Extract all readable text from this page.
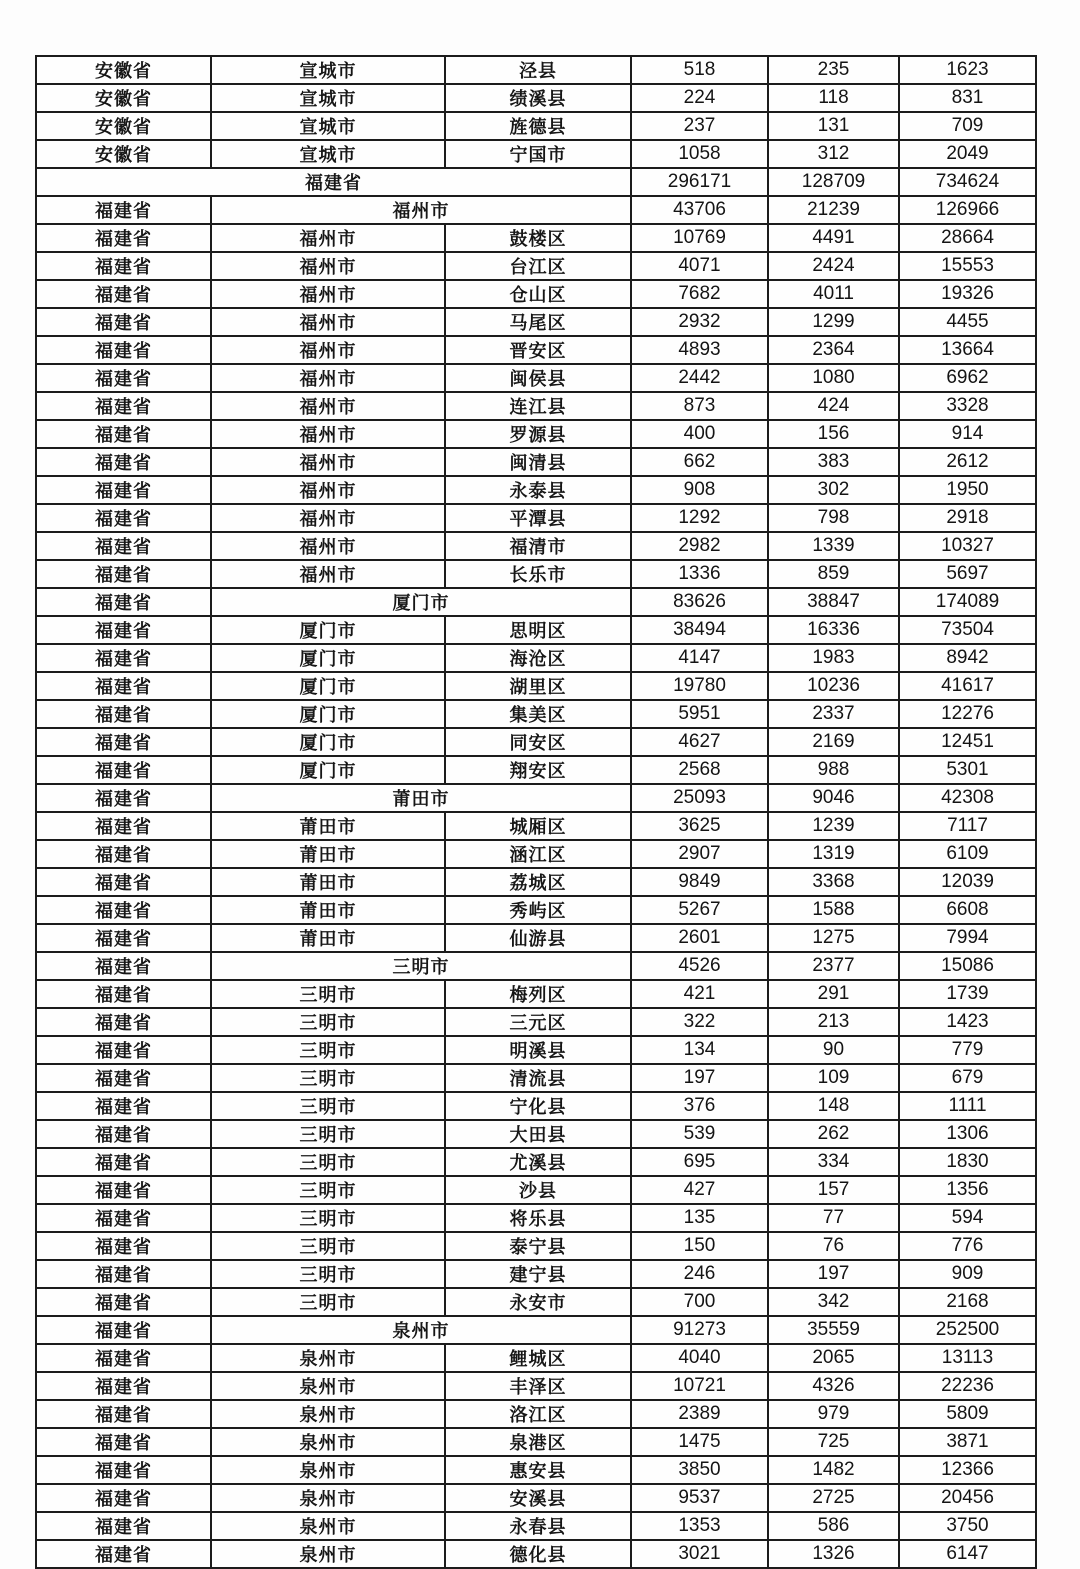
安徽省	宣城市	泾县	518	235	1623
安徽省	宣城市	绩溪县	224	118	831
安徽省	宣城市	旌德县	237	131	709
安徽省	宣城市	宁国市	1058	312	2049
福建省			296171	128709	734624
福建省	福州市		43706	21239	126966
福建省	福州市	鼓楼区	10769	4491	28664
福建省	福州市	台江区	4071	2424	15553
福建省	福州市	仓山区	7682	4011	19326
福建省	福州市	马尾区	2932	1299	4455
福建省	福州市	晋安区	4893	2364	13664
福建省	福州市	闽侯县	2442	1080	6962
福建省	福州市	连江县	873	424	3328
福建省	福州市	罗源县	400	156	914
福建省	福州市	闽清县	662	383	2612
福建省	福州市	永泰县	908	302	1950
福建省	福州市	平潭县	1292	798	2918
福建省	福州市	福清市	2982	1339	10327
福建省	福州市	长乐市	1336	859	5697
福建省	厦门市		83626	38847	174089
福建省	厦门市	思明区	38494	16336	73504
福建省	厦门市	海沧区	4147	1983	8942
福建省	厦门市	湖里区	19780	10236	41617
福建省	厦门市	集美区	5951	2337	12276
福建省	厦门市	同安区	4627	2169	12451
福建省	厦门市	翔安区	2568	988	5301
福建省	莆田市		25093	9046	42308
福建省	莆田市	城厢区	3625	1239	7117
福建省	莆田市	涵江区	2907	1319	6109
福建省	莆田市	荔城区	9849	3368	12039
福建省	莆田市	秀屿区	5267	1588	6608
福建省	莆田市	仙游县	2601	1275	7994
福建省	三明市		4526	2377	15086
福建省	三明市	梅列区	421	291	1739
福建省	三明市	三元区	322	213	1423
福建省	三明市	明溪县	134	90	779
福建省	三明市	清流县	197	109	679
福建省	三明市	宁化县	376	148	1111
福建省	三明市	大田县	539	262	1306
福建省	三明市	尤溪县	695	334	1830
福建省	三明市	沙县	427	157	1356
福建省	三明市	将乐县	135	77	594
福建省	三明市	泰宁县	150	76	776
福建省	三明市	建宁县	246	197	909
福建省	三明市	永安市	700	342	2168
福建省	泉州市		91273	35559	252500
福建省	泉州市	鲤城区	4040	2065	13113
福建省	泉州市	丰泽区	10721	4326	22236
福建省	泉州市	洛江区	2389	979	5809
福建省	泉州市	泉港区	1475	725	3871
福建省	泉州市	惠安县	3850	1482	12366
福建省	泉州市	安溪县	9537	2725	20456
福建省	泉州市	永春县	1353	586	3750
福建省	泉州市	德化县	3021	1326	6147
